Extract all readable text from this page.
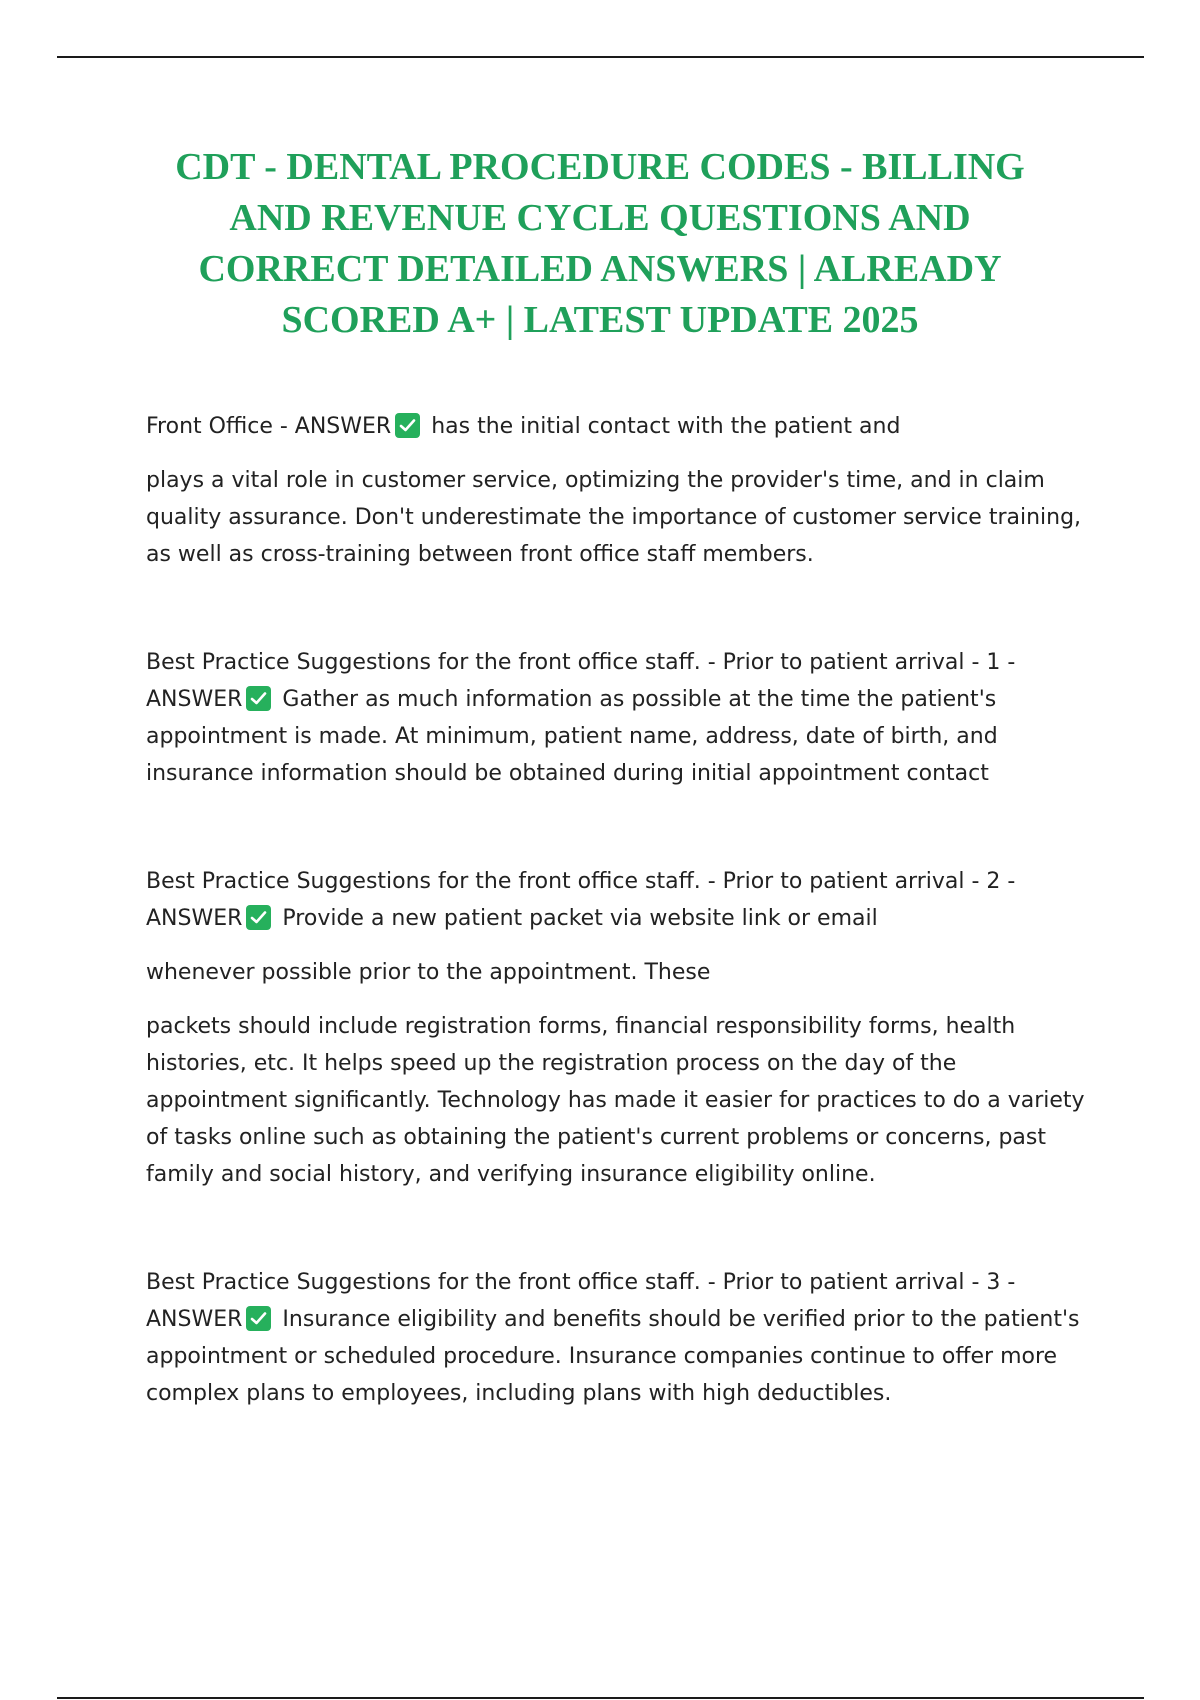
CDT - DENTAL PROCEDURE CODES - BILLING AND REVENUE CYCLE QUESTIONS AND CORRECT DETAILED ANSWERS | ALREADY SCORED A+ | LATEST UPDATE 2025

Front Office - ANSWER has the initial contact with the patient and

plays a vital role in customer service, optimizing the provider's time, and in claim quality assurance. Don't underestimate the importance of customer service training, as well as cross-training between front office staff members.

Best Practice Suggestions for the front office staff. - Prior to patient arrival - 1 - ANSWER Gather as much information as possible at the time the patient's appointment is made. At minimum, patient name, address, date of birth, and insurance information should be obtained during initial appointment contact

Best Practice Suggestions for the front office staff. - Prior to patient arrival - 2 - ANSWER Provide a new patient packet via website link or email

whenever possible prior to the appointment. These

packets should include registration forms, financial responsibility forms, health histories, etc. It helps speed up the registration process on the day of the appointment significantly. Technology has made it easier for practices to do a variety of tasks online such as obtaining the patient's current problems or concerns, past family and social history, and verifying insurance eligibility online.

Best Practice Suggestions for the front office staff. - Prior to patient arrival - 3 - ANSWER Insurance eligibility and benefits should be verified prior to the patient's appointment or scheduled procedure. Insurance companies continue to offer more complex plans to employees, including plans with high deductibles.
